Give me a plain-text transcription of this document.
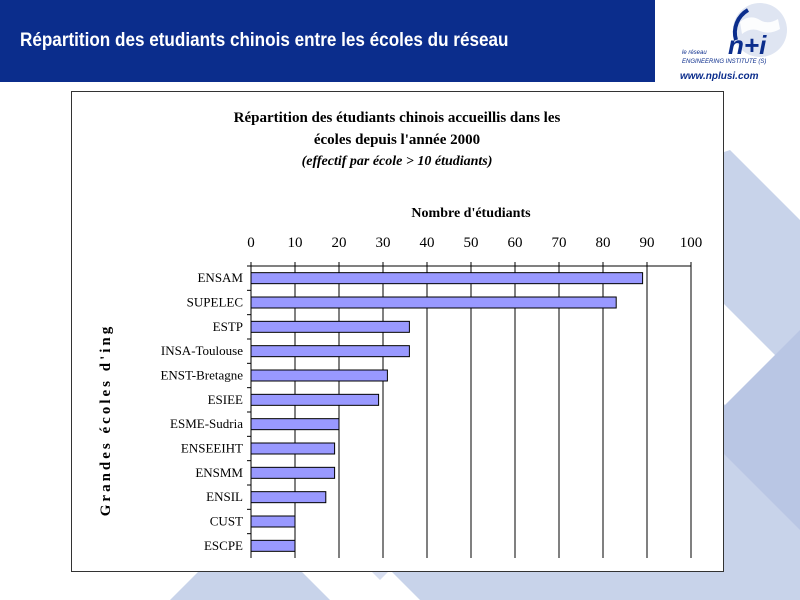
Répartition des etudiants chinois entre les écoles du réseau	n+i
le réseau
ENGINEERING INSTITUTE (S)
www.nplusi.com
Répartition des étudiants chinois accueillis dans les
écoles depuis l'année 2000
(effectif par école > 10 étudiants)
Nombre d'étudiants
Grandes écoles d'ing
0 10 20 30 40 50 60 70 80 90 100
ENSAM
SUPELEC
ESTP
INSA-Toulouse
ENST-Bretagne
ESIEE
ESME-Sudria
ENSEEIHT
ENSMM
ENSIL
CUST
ESCPE
